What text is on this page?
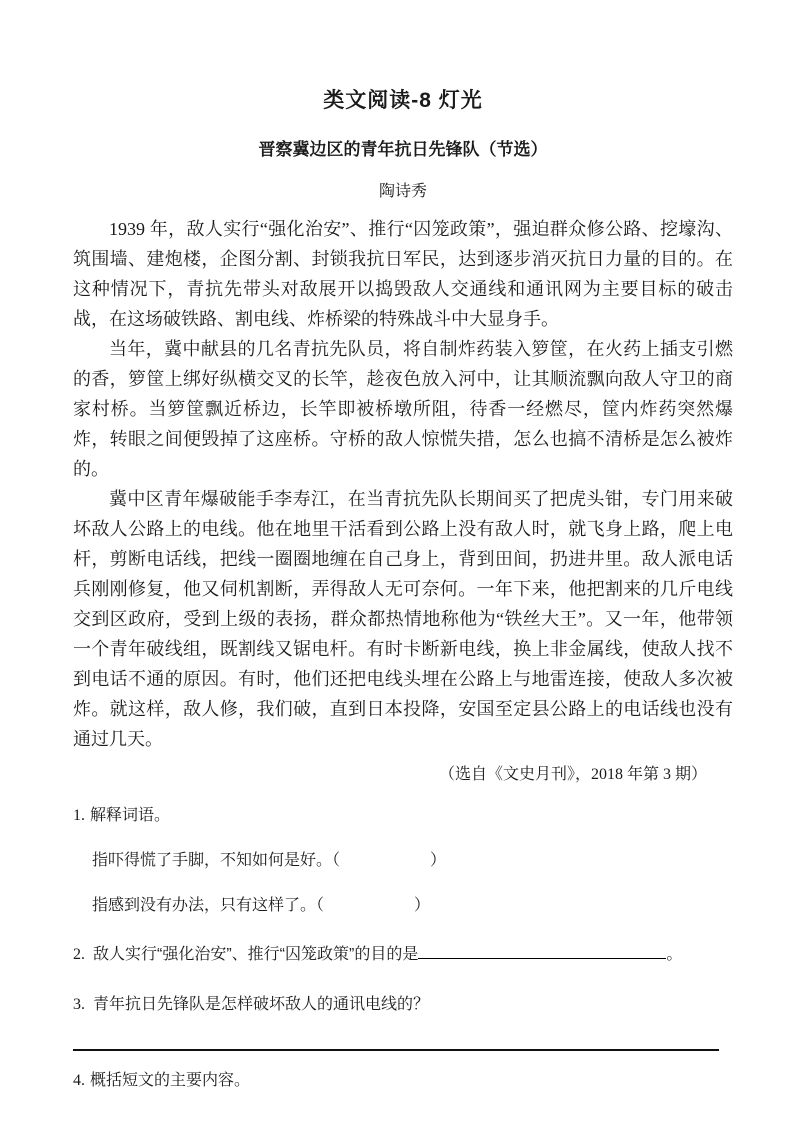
类文阅读-8 灯光
晋察冀边区的青年抗日先锋队（节选）
陶诗秀

1939 年，敌人实行“强化治安”、推行“囚笼政策”，强迫群众修公路、挖壕沟、筑围墙、建炮楼，企图分割、封锁我抗日军民，达到逐步消灭抗日力量的目的。在这种情况下，青抗先带头对敌展开以捣毁敌人交通线和通讯网为主要目标的破击战，在这场破铁路、割电线、炸桥梁的特殊战斗中大显身手。

当年，冀中献县的几名青抗先队员，将自制炸药装入箩筐，在火药上插支引燃的香，箩筐上绑好纵横交叉的长竿，趁夜色放入河中，让其顺流飘向敌人守卫的商家村桥。当箩筐飘近桥边，长竿即被桥墩所阻，待香一经燃尽，筐内炸药突然爆炸，转眼之间便毁掉了这座桥。守桥的敌人惊慌失措，怎么也搞不清桥是怎么被炸的。

冀中区青年爆破能手李寿江，在当青抗先队长期间买了把虎头钳，专门用来破坏敌人公路上的电线。他在地里干活看到公路上没有敌人时，就飞身上路，爬上电杆，剪断电话线，把线一圈圈地缠在自己身上，背到田间，扔进井里。敌人派电话兵刚刚修复，他又伺机割断，弄得敌人无可奈何。一年下来，他把割来的几斤电线交到区政府，受到上级的表扬，群众都热情地称他为“铁丝大王”。又一年，他带领一个青年破线组，既割线又锯电杆。有时卡断新电线，换上非金属线，使敌人找不到电话不通的原因。有时，他们还把电线头埋在公路上与地雷连接，使敌人多次被炸。就这样，敌人修，我们破，直到日本投降，安国至定县公路上的电话线也没有通过几天。

（选自《文史月刊》，2018 年第 3 期）
1. 解释词语。
指吓得慌了手脚，不知如何是好。（	）
指感到没有办法，只有这样了。（	）
2. 敌人实行“强化治安”、推行“囚笼政策”的目的是	。
3. 青年抗日先锋队是怎样破坏敌人的通讯电线的？
4. 概括短文的主要内容。
